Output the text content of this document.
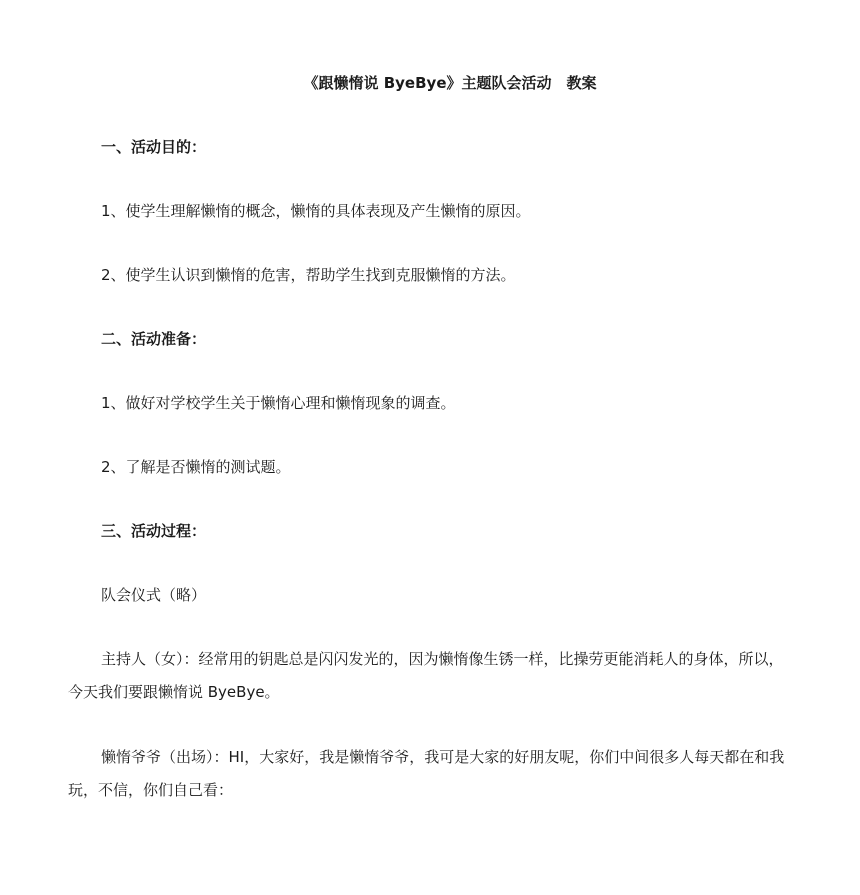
《跟懒惰说 ByeBye》主题队会活动　教案
一、活动目的：
1、使学生理解懒惰的概念，懒惰的具体表现及产生懒惰的原因。
2、使学生认识到懒惰的危害，帮助学生找到克服懒惰的方法。
二、活动准备：
1、做好对学校学生关于懒惰心理和懒惰现象的调查。
2、了解是否懒惰的测试题。
三、活动过程：
队会仪式（略）
主持人（女）：经常用的钥匙总是闪闪发光的，因为懒惰像生锈一样，比操劳更能消耗人的身体，所以，今天我们要跟懒惰说 ByeBye。
懒惰爷爷（出场）：HI，大家好，我是懒惰爷爷，我可是大家的好朋友呢，你们中间很多人每天都在和我玩，不信，你们自己看：
